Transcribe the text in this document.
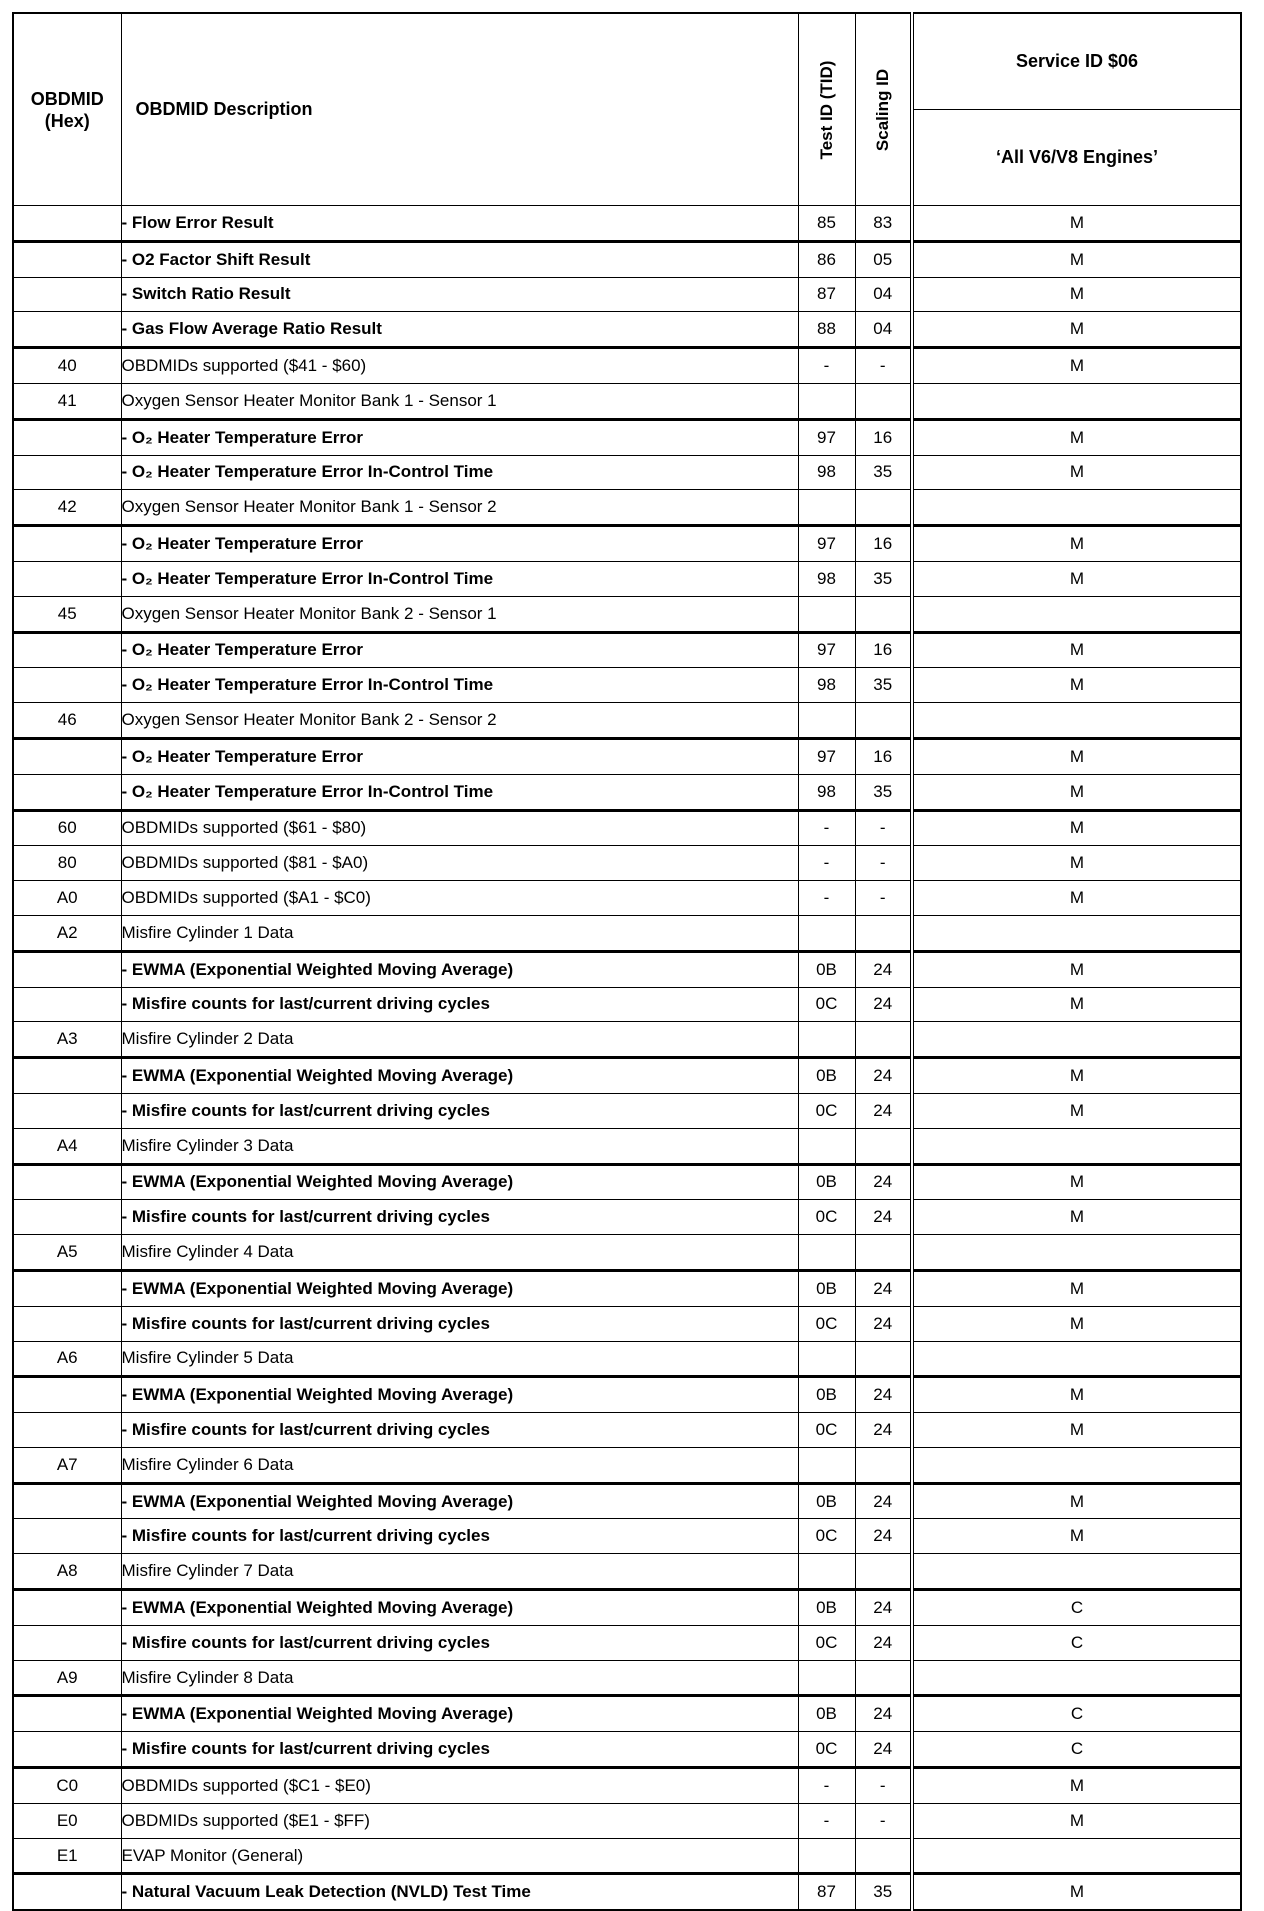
OBDMID
(Hex)	OBDMID Description	Test ID (TID)	Scaling ID	Service ID $06
				‘All V6/V8 Engines’
	- Flow Error Result	85	83	M
	- O2 Factor Shift Result	86	05	M
	- Switch Ratio Result	87	04	M
	- Gas Flow Average Ratio Result	88	04	M
40	OBDMIDs supported ($41 - $60)	-	-	M
41	Oxygen Sensor Heater Monitor Bank 1 - Sensor 1			
	- O₂ Heater Temperature Error	97	16	M
	- O₂ Heater Temperature Error In-Control Time	98	35	M
42	Oxygen Sensor Heater Monitor Bank 1 - Sensor 2			
	- O₂ Heater Temperature Error	97	16	M
	- O₂ Heater Temperature Error In-Control Time	98	35	M
45	Oxygen Sensor Heater Monitor Bank 2 - Sensor 1			
	- O₂ Heater Temperature Error	97	16	M
	- O₂ Heater Temperature Error In-Control Time	98	35	M
46	Oxygen Sensor Heater Monitor Bank 2 - Sensor 2			
	- O₂ Heater Temperature Error	97	16	M
	- O₂ Heater Temperature Error In-Control Time	98	35	M
60	OBDMIDs supported ($61 - $80)	-	-	M
80	OBDMIDs supported ($81 - $A0)	-	-	M
A0	OBDMIDs supported ($A1 - $C0)	-	-	M
A2	Misfire Cylinder 1 Data			
	- EWMA (Exponential Weighted Moving Average)	0B	24	M
	- Misfire counts for last/current driving cycles	0C	24	M
A3	Misfire Cylinder 2 Data			
	- EWMA (Exponential Weighted Moving Average)	0B	24	M
	- Misfire counts for last/current driving cycles	0C	24	M
A4	Misfire Cylinder 3 Data			
	- EWMA (Exponential Weighted Moving Average)	0B	24	M
	- Misfire counts for last/current driving cycles	0C	24	M
A5	Misfire Cylinder 4 Data			
	- EWMA (Exponential Weighted Moving Average)	0B	24	M
	- Misfire counts for last/current driving cycles	0C	24	M
A6	Misfire Cylinder 5 Data			
	- EWMA (Exponential Weighted Moving Average)	0B	24	M
	- Misfire counts for last/current driving cycles	0C	24	M
A7	Misfire Cylinder 6 Data			
	- EWMA (Exponential Weighted Moving Average)	0B	24	M
	- Misfire counts for last/current driving cycles	0C	24	M
A8	Misfire Cylinder 7 Data			
	- EWMA (Exponential Weighted Moving Average)	0B	24	C
	- Misfire counts for last/current driving cycles	0C	24	C
A9	Misfire Cylinder 8 Data			
	- EWMA (Exponential Weighted Moving Average)	0B	24	C
	- Misfire counts for last/current driving cycles	0C	24	C
C0	OBDMIDs supported ($C1 - $E0)	-	-	M
E0	OBDMIDs supported ($E1 - $FF)	-	-	M
E1	EVAP Monitor (General)			
	- Natural Vacuum Leak Detection (NVLD) Test Time	87	35	M
